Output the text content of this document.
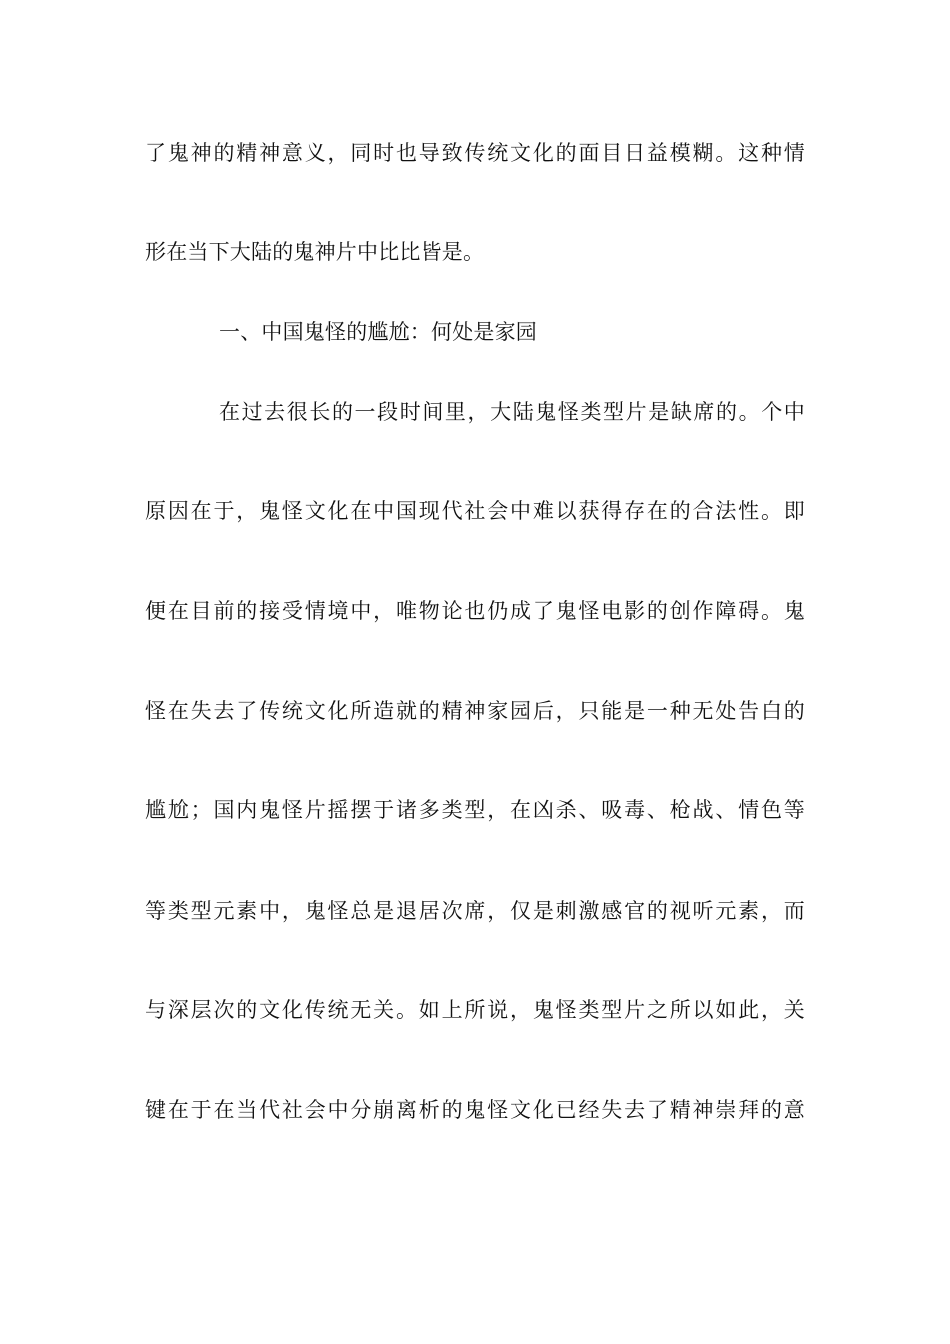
了鬼神的精神意义，同时也导致传统文化的面目日益模糊。这种情
形在当下大陆的鬼神片中比比皆是。
一、中国鬼怪的尴尬：何处是家园
在过去很长的一段时间里，大陆鬼怪类型片是缺席的。个中
原因在于，鬼怪文化在中国现代社会中难以获得存在的合法性。即
便在目前的接受情境中，唯物论也仍成了鬼怪电影的创作障碍。鬼
怪在失去了传统文化所造就的精神家园后，只能是一种无处告白的
尴尬；国内鬼怪片摇摆于诸多类型，在凶杀、吸毒、枪战、情色等
等类型元素中，鬼怪总是退居次席，仅是刺激感官的视听元素，而
与深层次的文化传统无关。如上所说，鬼怪类型片之所以如此，关
键在于在当代社会中分崩离析的鬼怪文化已经失去了精神崇拜的意
